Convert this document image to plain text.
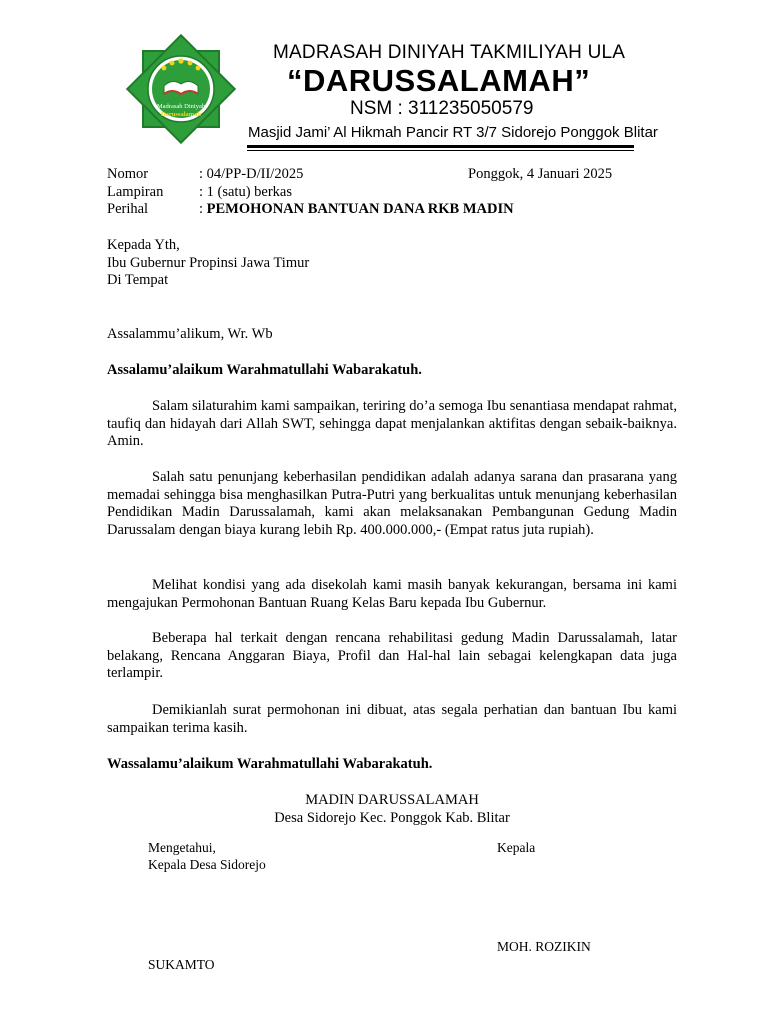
Madrasah Diniyah
Darussalamah
MADRASAH DINIYAH TAKMILIYAH ULA
“DARUSSALAMAH”
NSM : 311235050579
Masjid Jami’ Al Hikmah Pancir RT 3/7 Sidorejo Ponggok Blitar
Nomor	: 04/PP-D/II/2025
Lampiran	: 1 (satu) berkas
Perihal	: PEMOHONAN BANTUAN DANA RKB MADIN
Ponggok, 4 Januari 2025
Kepada Yth,
Ibu Gubernur Propinsi Jawa Timur
Di Tempat
Assalammu’alikum, Wr. Wb
Assalamu’alaikum Warahmatullahi Wabarakatuh.
Salam silaturahim kami sampaikan, teriring do’a semoga Ibu senantiasa mendapat rahmat, taufiq dan hidayah dari Allah SWT, sehingga dapat menjalankan aktifitas dengan sebaik-baiknya. Amin.
Salah satu penunjang keberhasilan pendidikan adalah adanya sarana dan prasarana yang memadai sehingga bisa menghasilkan Putra-Putri yang berkualitas untuk menunjang keberhasilan Pendidikan Madin Darussalamah, kami akan melaksanakan Pembangunan Gedung Madin Darussalam dengan biaya kurang lebih Rp. 400.000.000,- (Empat ratus juta rupiah).
Melihat kondisi yang ada disekolah kami masih banyak kekurangan, bersama ini kami mengajukan Permohonan Bantuan Ruang Kelas Baru kepada Ibu Gubernur.
Beberapa hal terkait dengan rencana rehabilitasi gedung Madin Darussalamah, latar belakang, Rencana Anggaran Biaya, Profil dan Hal-hal lain sebagai kelengkapan data juga terlampir.
Demikianlah surat permohonan ini dibuat, atas segala perhatian dan bantuan Ibu kami sampaikan terima kasih.
Wassalamu’alaikum Warahmatullahi Wabarakatuh.
MADIN DARUSSALAMAH
Desa Sidorejo Kec. Ponggok Kab. Blitar
Mengetahui,
Kepala Desa Sidorejo
SUKAMTO
Kepala
MOH. ROZIKIN
